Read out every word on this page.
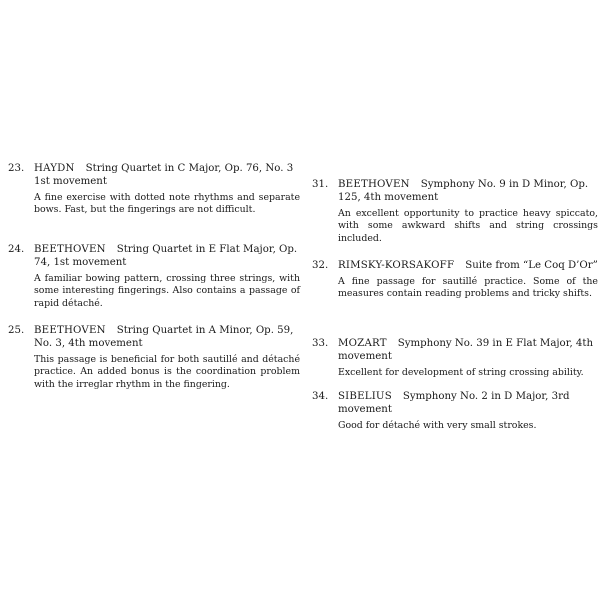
23. HAYDN String Quartet in C Major, Op. 76, No. 3 1st movement
A fine exercise with dotted note rhythms and separate bows. Fast, but the fingerings are not difficult.
24. BEETHOVEN String Quartet in E Flat Major, Op. 74, 1st movement
A familiar bowing pattern, crossing three strings, with some interesting fingerings. Also contains a passage of rapid détaché.
25. BEETHOVEN String Quartet in A Minor, Op. 59, No. 3, 4th movement
This passage is beneficial for both sautillé and détaché practice. An added bonus is the coordination problem with the irreglar rhythm in the fingering.
31. BEETHOVEN Symphony No. 9 in D Minor, Op. 125, 4th movement
An excellent opportunity to practice heavy spiccato, with some awkward shifts and string crossings included.
32. RIMSKY-KORSAKOFF Suite from “Le Coq D’Or”
A fine passage for sautillé practice. Some of the measures contain reading problems and tricky shifts.
33. MOZART Symphony No. 39 in E Flat Major, 4th movement
Excellent for development of string crossing ability.
34. SIBELIUS Symphony No. 2 in D Major, 3rd movement
Good for détaché with very small strokes.
